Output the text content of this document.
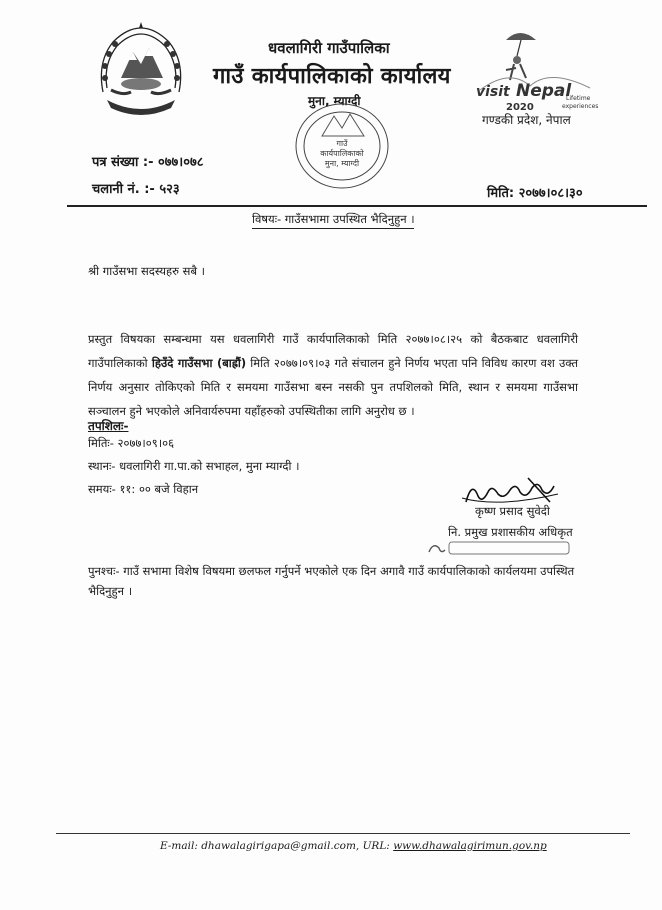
धवलागिरी गाउँपालिका
गाउँ कार्यपालिकाको कार्यालय
मुना, म्याग्दी
गाउँ
कार्यपालिकाको
मुना, म्याग्दी
visit Nepal
2020
Lifetime
experiences
गण्डकी प्रदेश, नेपाल
पत्र संख्या :- ०७७।०७८
चलानी नं. :- ५२३	मिति: २०७७।०८।३०
विषयः- गाउँसभामा उपस्थित भैदिनुहुन ।
श्री गाउँसभा सदस्यहरु सबै ।
प्रस्तुत विषयका सम्बन्धमा यस धवलागिरी गाउँ कार्यपालिकाको मिति २०७७।०८।२५ को बैठकबाट धवलागिरी गाउँपालिकाको हिउँदे गाउँसभा (बाह्रौं) मिति २०७७।०९।०३ गते संचालन हुने निर्णय भएता पनि विविध कारण वश उक्त निर्णय अनुसार तोकिएको मिति र समयमा गाउँसभा बस्न नसकी पुन तपशिलको मिति, स्थान र समयमा गाउँसभा सञ्चालन हुने भएकोले अनिवार्यरुपमा यहाँहरुको उपस्थितीका लागि अनुरोध छ ।
तपशिलः-
मितिः- २०७७।०९।०६
स्थानः- धवलागिरी गा.पा.को सभाहल, मुना म्याग्दी ।
समयः- ११: ०० बजे विहान
कृष्ण प्रसाद सुवेदी
नि. प्रमुख प्रशासकीय अधिकृत
पुनश्चः- गाउँ सभामा विशेष विषयमा छलफल गर्नुपर्ने भएकोले एक दिन अगावै गाउँ कार्यपालिकाको कार्यलयमा उपस्थित भैदिनुहुन ।
E-mail: dhawalagirigapa@gmail.com, URL: www.dhawalagirimun.gov.np
